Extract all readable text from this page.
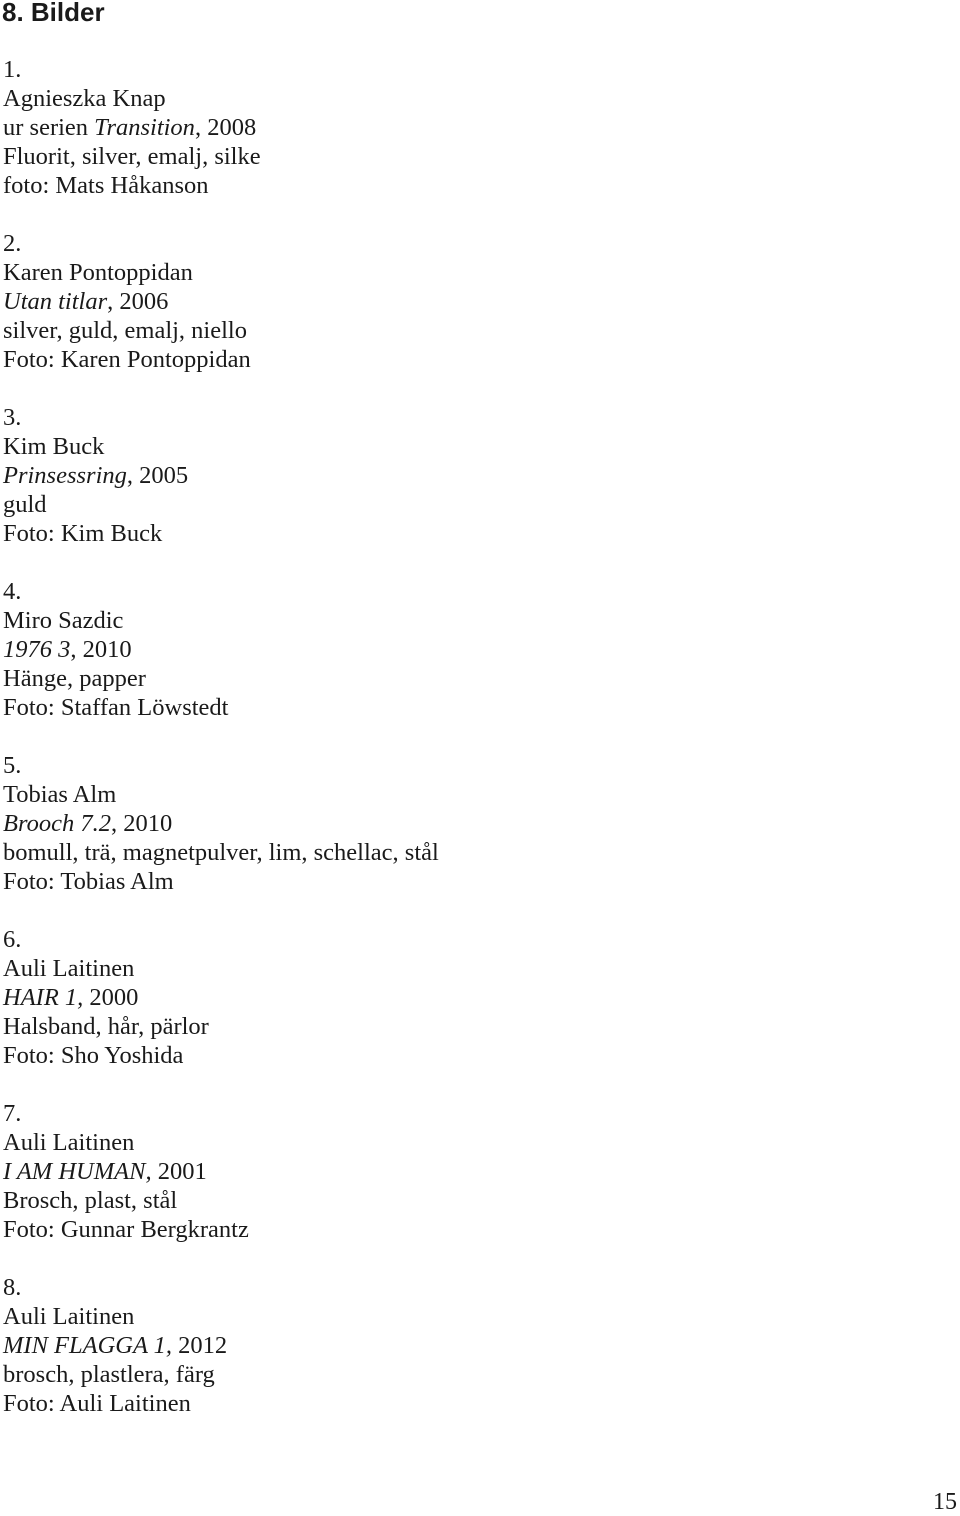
8. Bilder
1.
Agnieszka Knap
ur serien Transition, 2008
Fluorit, silver, emalj, silke
foto: Mats Håkanson
2.
Karen Pontoppidan
Utan titlar, 2006
silver, guld, emalj, niello
Foto: Karen Pontoppidan
3.
Kim Buck
Prinsessring, 2005
guld
Foto: Kim Buck
4.
Miro Sazdic
1976 3, 2010
Hänge, papper
Foto: Staffan Löwstedt
5.
Tobias Alm
Brooch 7.2, 2010
bomull, trä, magnetpulver, lim, schellac, stål
Foto: Tobias Alm
6.
Auli Laitinen
HAIR 1, 2000
Halsband, hår, pärlor
Foto: Sho Yoshida
7.
Auli Laitinen
I AM HUMAN, 2001
Brosch, plast, stål
Foto: Gunnar Bergkrantz
8.
Auli Laitinen
MIN FLAGGA 1, 2012
brosch, plastlera, färg
Foto: Auli Laitinen
15
